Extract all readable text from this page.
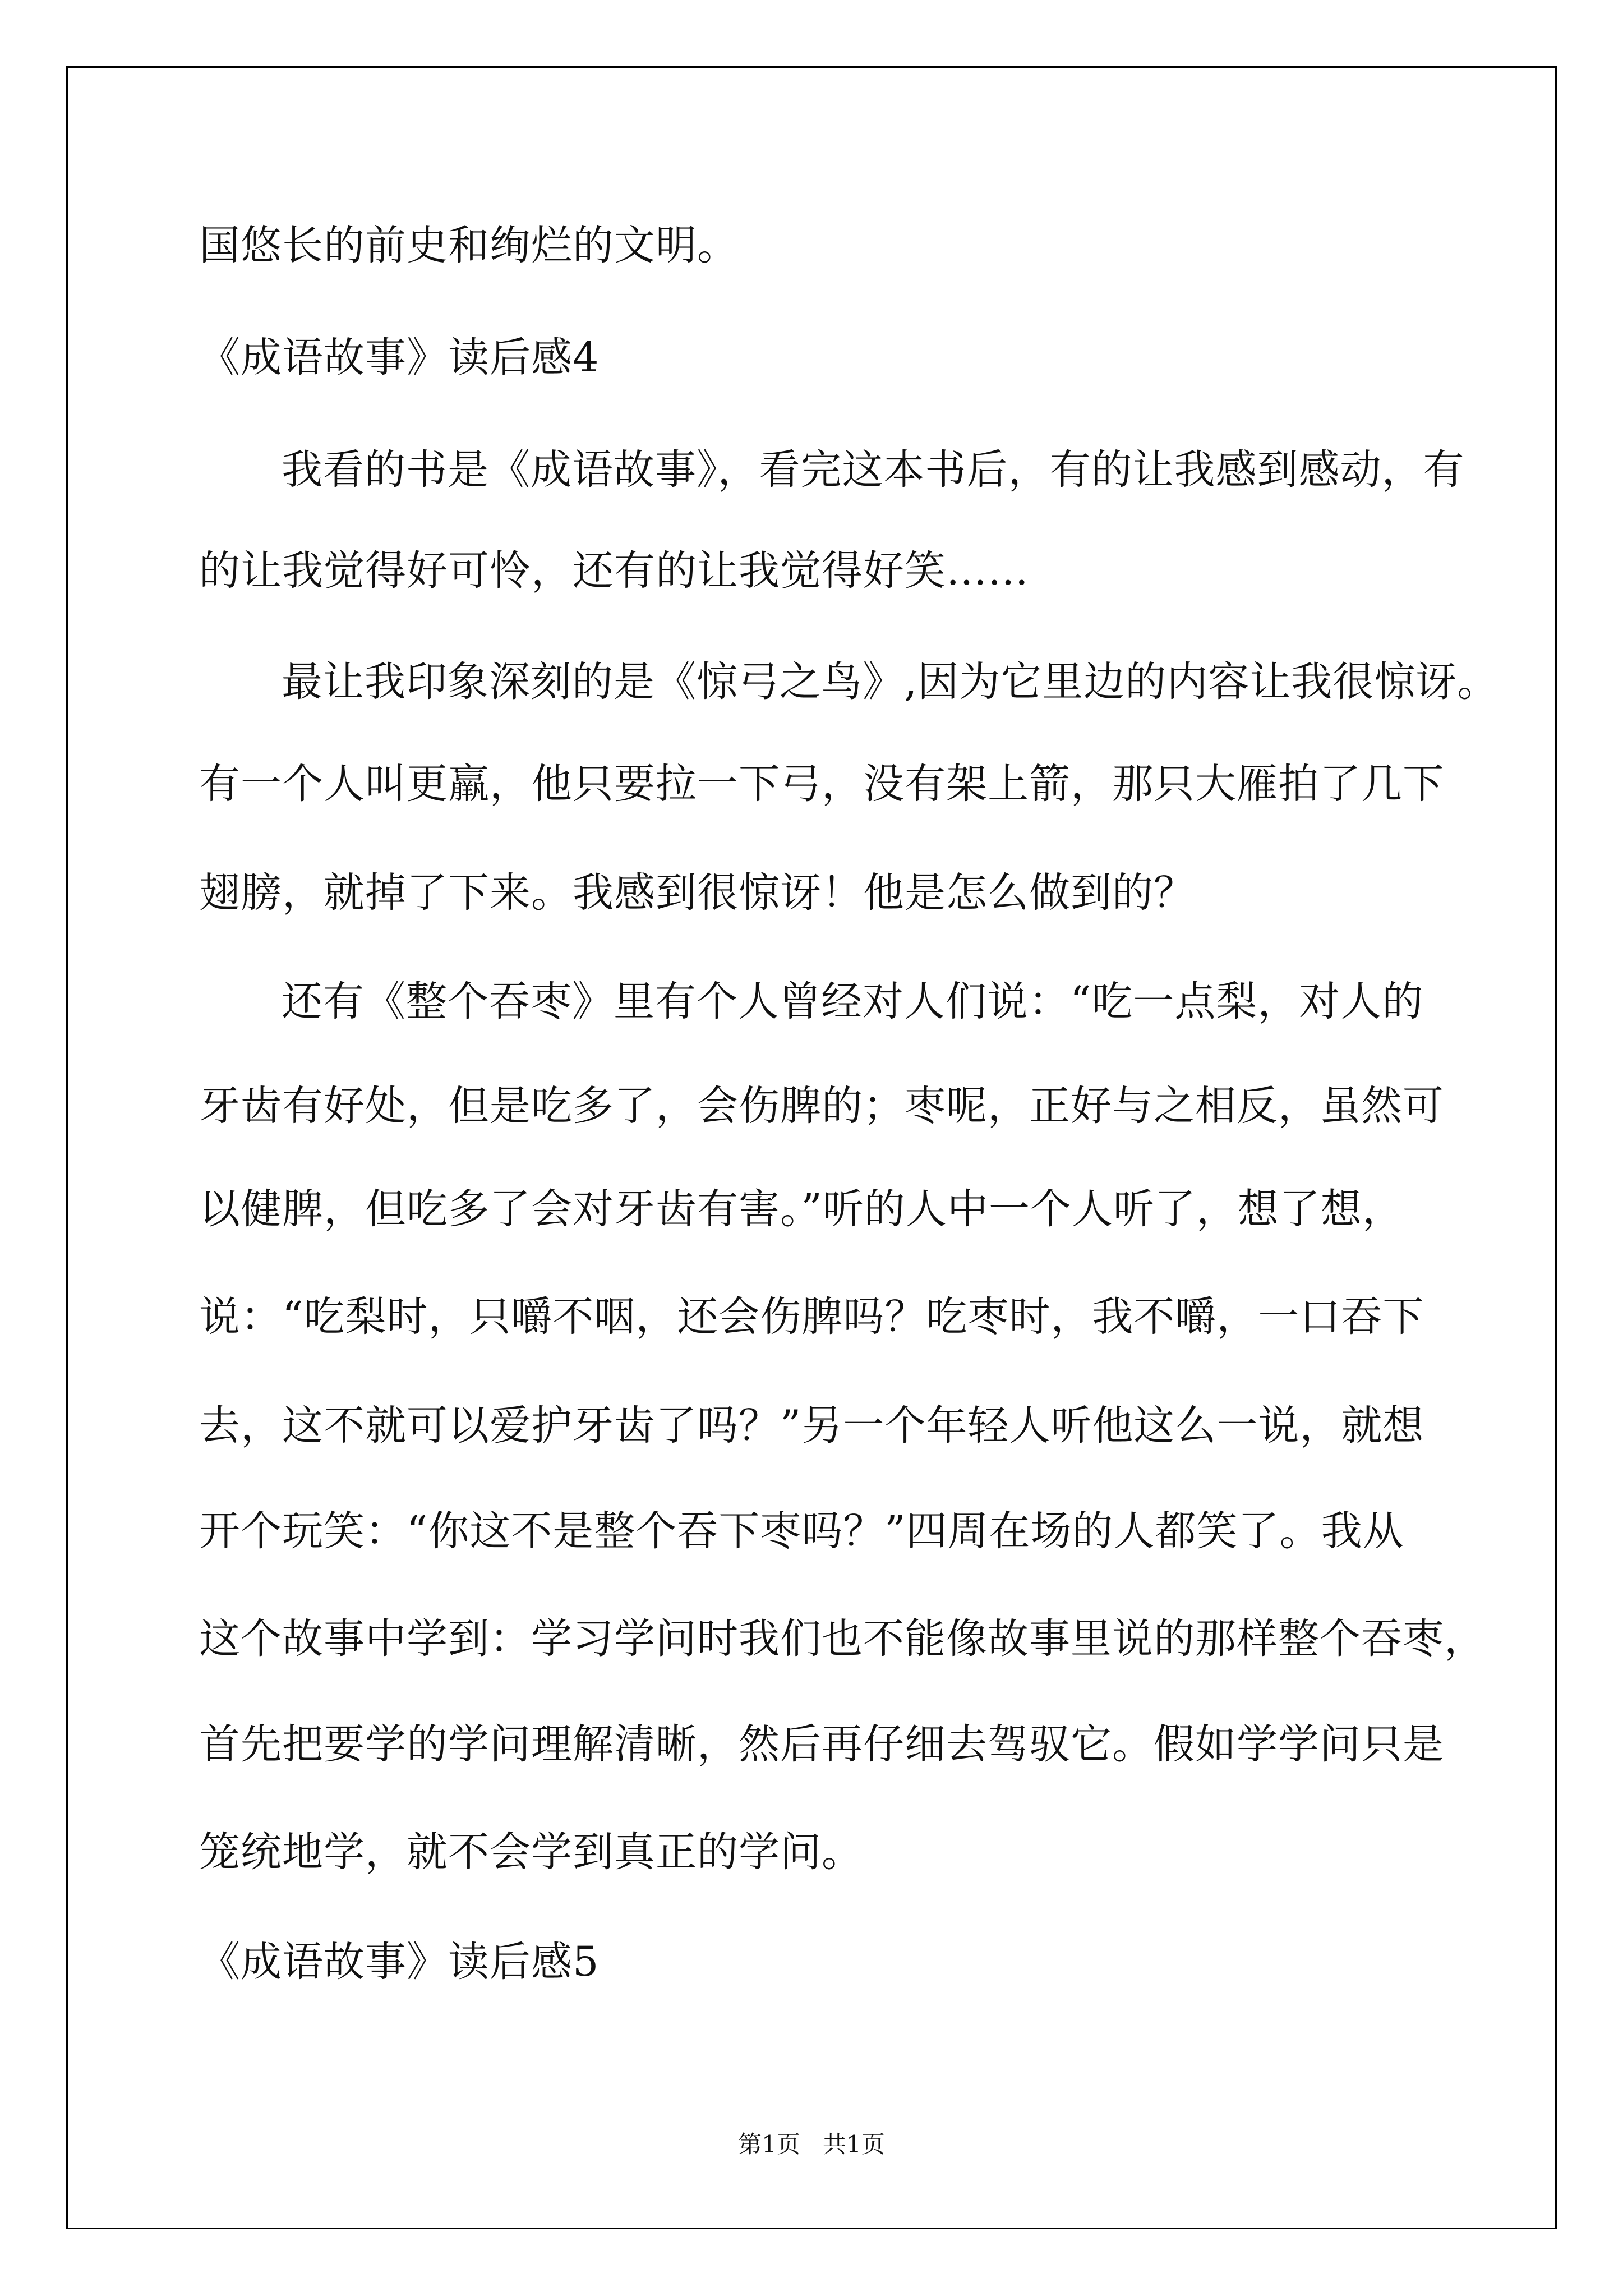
国悠长的前史和绚烂的文明。
《成语故事》读后感4
我看的书是《成语故事》，看完这本书后，有的让我感到感动，有
的让我觉得好可怜，还有的让我觉得好笑……
最让我印象深刻的是《惊弓之鸟》,因为它里边的内容让我很惊讶。
有一个人叫更羸，他只要拉一下弓，没有架上箭，那只大雁拍了几下
翅膀，就掉了下来。我感到很惊讶！他是怎么做到的？
还有《整个吞枣》里有个人曾经对人们说：“吃一点梨，对人的
牙齿有好处，但是吃多了，会伤脾的；枣呢，正好与之相反，虽然可
以健脾，但吃多了会对牙齿有害。”听的人中一个人听了，想了想，
说：“吃梨时，只嚼不咽，还会伤脾吗？吃枣时，我不嚼，一口吞下
去，这不就可以爱护牙齿了吗？”另一个年轻人听他这么一说，就想
开个玩笑：“你这不是整个吞下枣吗？”四周在场的人都笑了。我从
这个故事中学到：学习学问时我们也不能像故事里说的那样整个吞枣，
首先把要学的学问理解清晰，然后再仔细去驾驭它。假如学学问只是
笼统地学，就不会学到真正的学问。
《成语故事》读后感5
第1页   共1页
